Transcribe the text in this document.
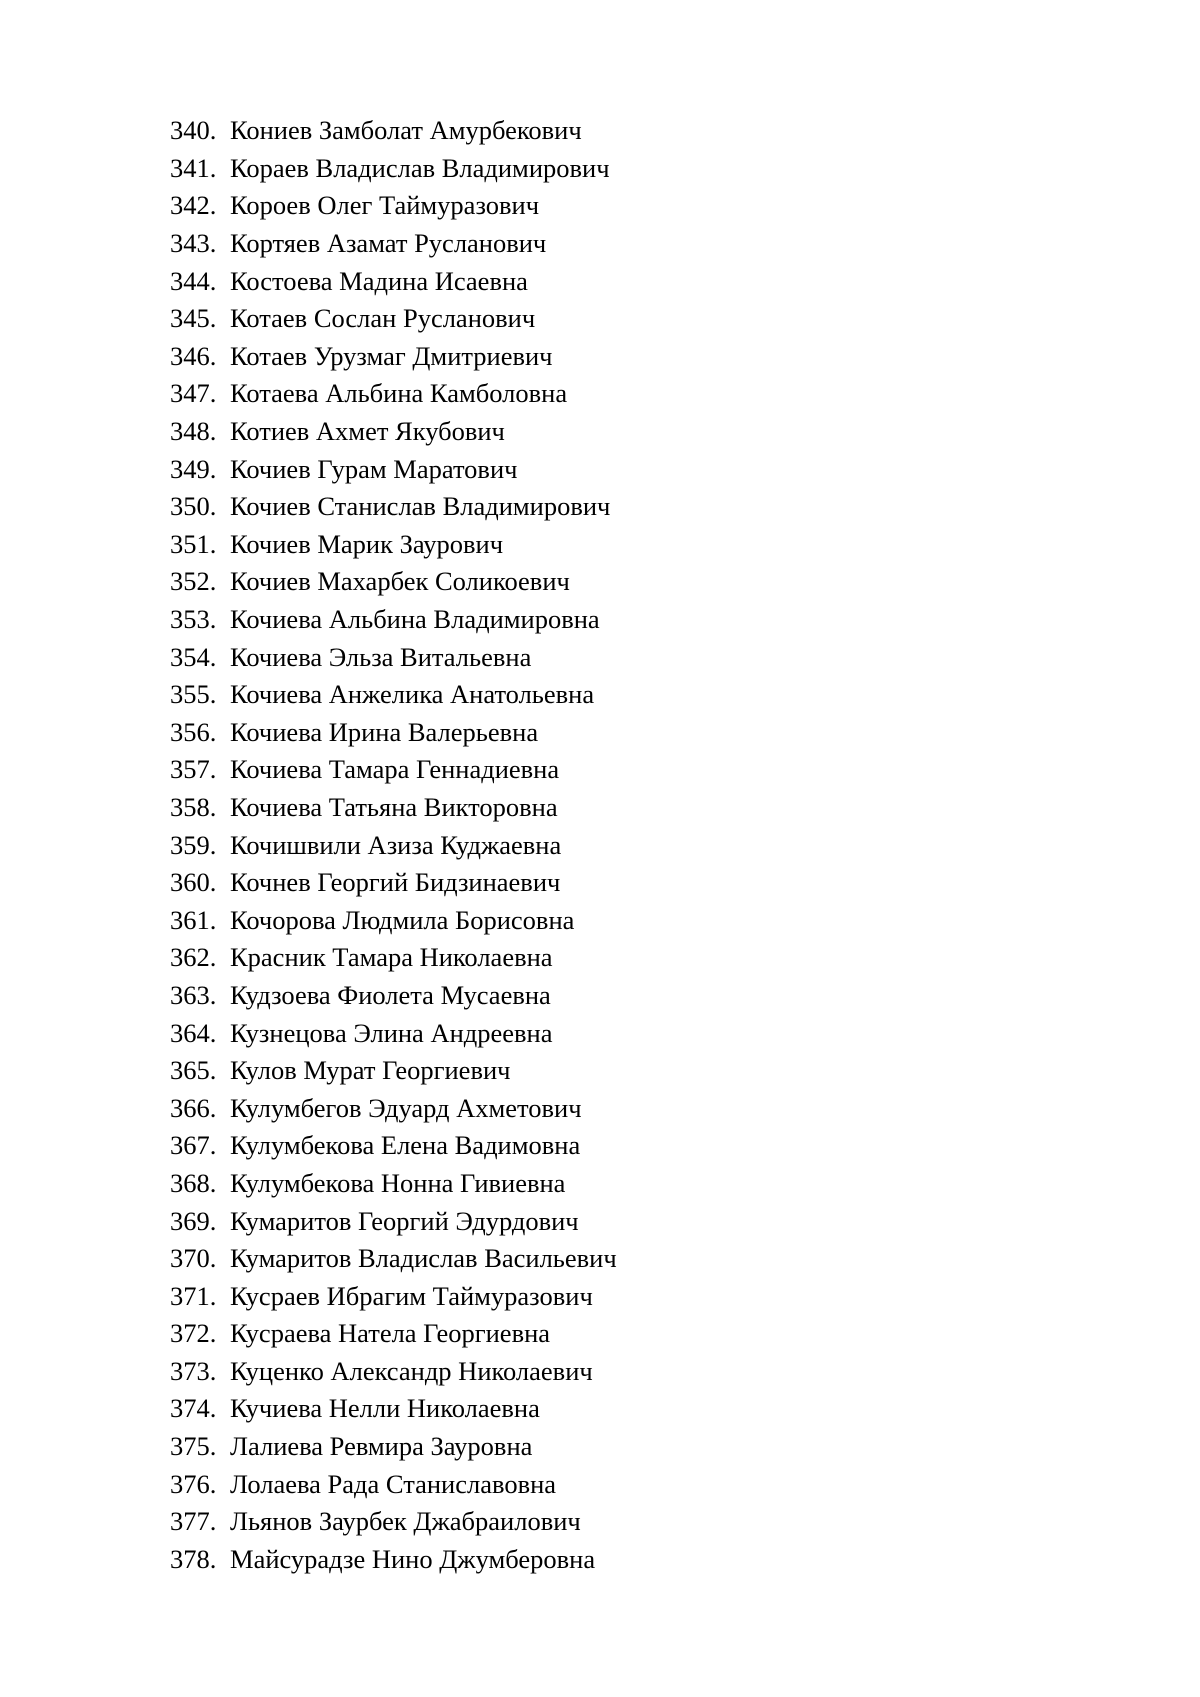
340. Кониев Замболат Амурбекович
341. Кораев Владислав Владимирович
342. Короев Олег Таймуразович
343. Кортяев Азамат Русланович
344. Костоева Мадина Исаевна
345. Котаев Сослан Русланович
346. Котаев Урузмаг Дмитриевич
347. Котаева Альбина Камболовна
348. Котиев Ахмет Якубович
349. Кочиев Гурам Маратович
350. Кочиев Станислав Владимирович
351. Кочиев Марик Заурович
352. Кочиев Махарбек Соликоевич
353. Кочиева Альбина Владимировна
354. Кочиева Эльза Витальевна
355. Кочиева Анжелика Анатольевна
356. Кочиева Ирина Валерьевна
357. Кочиева Тамара Геннадиевна
358. Кочиева Татьяна Викторовна
359. Кочишвили Азиза Куджаевна
360. Кочнев Георгий Бидзинаевич
361. Кочорова Людмила Борисовна
362. Красник Тамара Николаевна
363. Кудзоева Фиолета Мусаевна
364. Кузнецова Элина Андреевна
365. Кулов Мурат Георгиевич
366. Кулумбегов Эдуард Ахметович
367. Кулумбекова Елена Вадимовна
368. Кулумбекова Нонна Гивиевна
369. Кумаритов Георгий Эдурдович
370. Кумаритов Владислав Васильевич
371. Кусраев Ибрагим Таймуразович
372. Кусраева Натела Георгиевна
373. Куценко Александр Николаевич
374. Кучиева Нелли Николаевна
375. Лалиева Ревмира Зауровна
376. Лолаева Рада Станиславовна
377. Льянов Заурбек Джабраилович
378. Майсурадзе Нино Джумберовна
